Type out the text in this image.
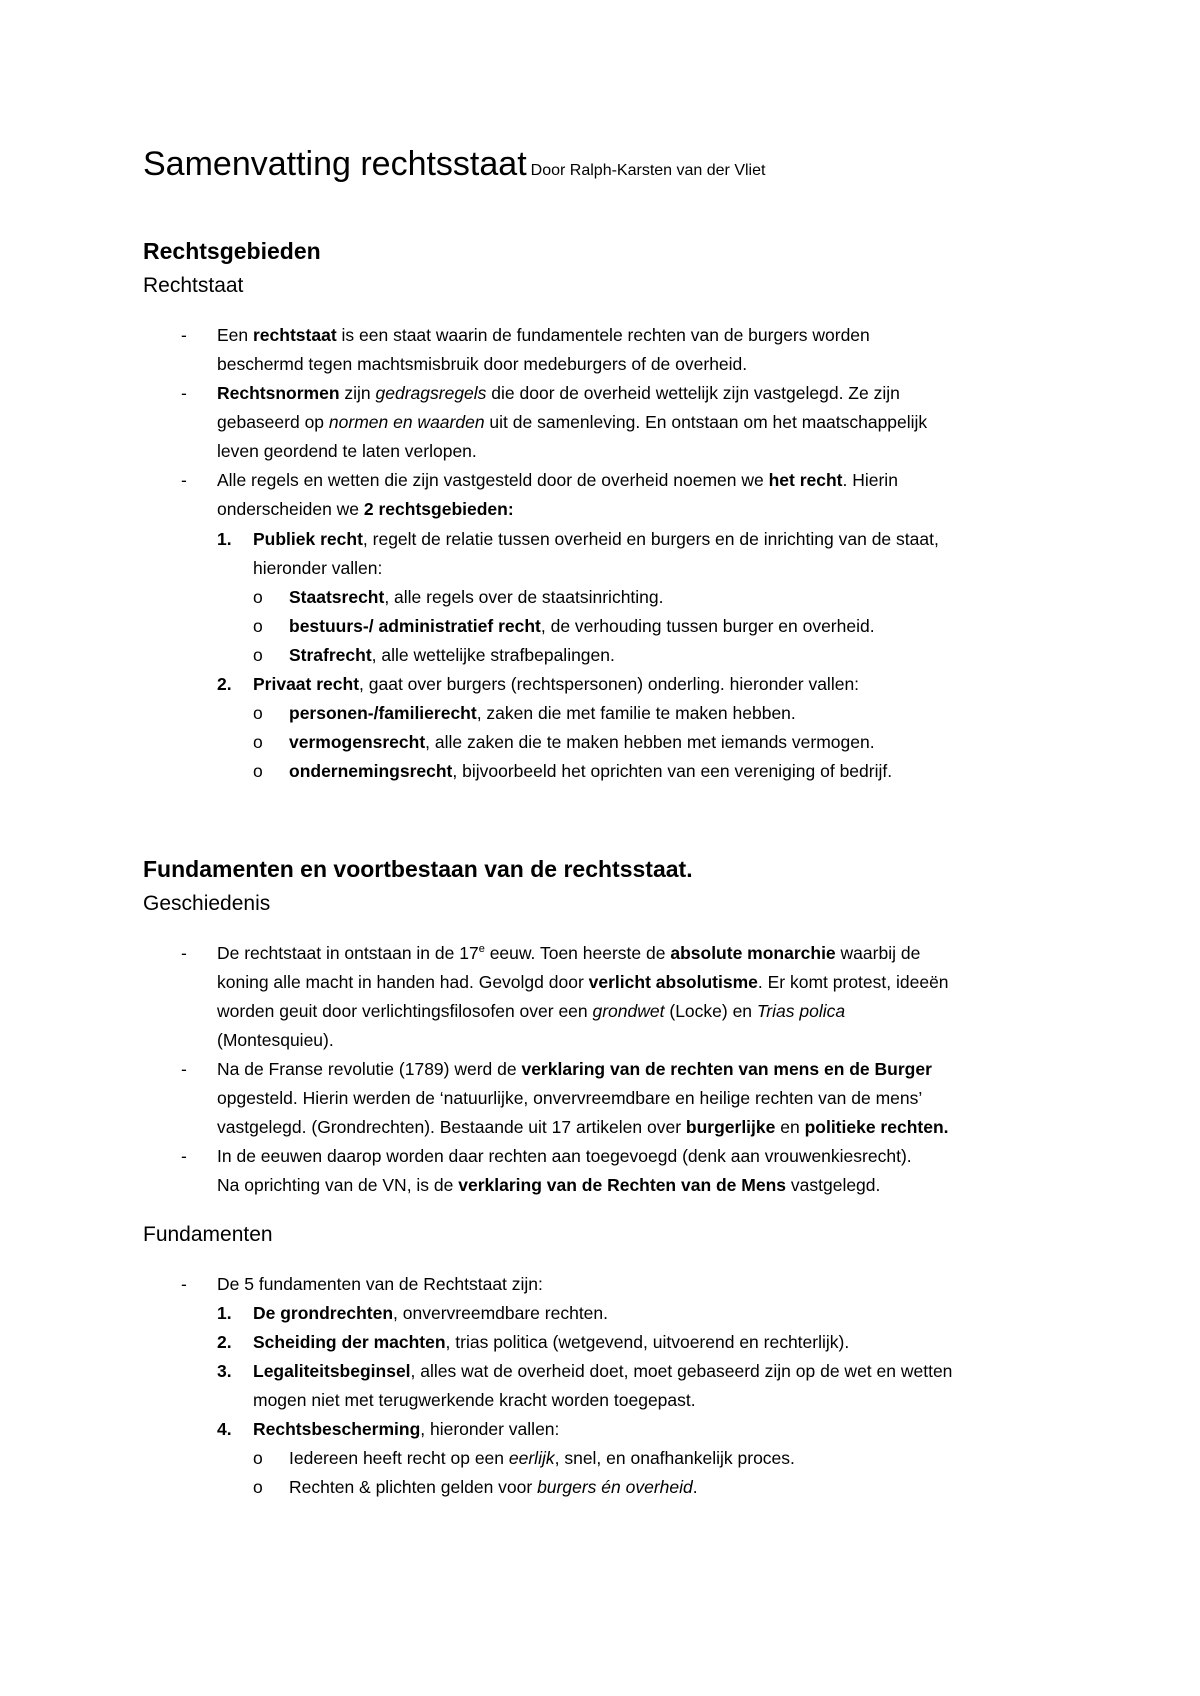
Samenvatting rechtsstaat Door Ralph-Karsten van der Vliet
Rechtsgebieden
Rechtstaat
- Een rechtstaat is een staat waarin de fundamentele rechten van de burgers worden
beschermd tegen machtsmisbruik door medeburgers of de overheid.
- Rechtsnormen zijn gedragsregels die door de overheid wettelijk zijn vastgelegd. Ze zijn
gebaseerd op normen en waarden uit de samenleving. En ontstaan om het maatschappelijk
leven geordend te laten verlopen.
- Alle regels en wetten die zijn vastgesteld door de overheid noemen we het recht. Hierin
onderscheiden we 2 rechtsgebieden:
1. Publiek recht, regelt de relatie tussen overheid en burgers en de inrichting van de staat,
hieronder vallen:
o Staatsrecht, alle regels over de staatsinrichting.
o bestuurs-/ administratief recht, de verhouding tussen burger en overheid.
o Strafrecht, alle wettelijke strafbepalingen.
2. Privaat recht, gaat over burgers (rechtspersonen) onderling. hieronder vallen:
o personen-/familierecht, zaken die met familie te maken hebben.
o vermogensrecht, alle zaken die te maken hebben met iemands vermogen.
o ondernemingsrecht, bijvoorbeeld het oprichten van een vereniging of bedrijf.
Fundamenten en voortbestaan van de rechtsstaat.
Geschiedenis
- De rechtstaat in ontstaan in de 17e eeuw. Toen heerste de absolute monarchie waarbij de
koning alle macht in handen had. Gevolgd door verlicht absolutisme. Er komt protest, ideeën
worden geuit door verlichtingsfilosofen over een grondwet (Locke) en Trias polica
(Montesquieu).
- Na de Franse revolutie (1789) werd de verklaring van de rechten van mens en de Burger
opgesteld. Hierin werden de ‘natuurlijke, onvervreemdbare en heilige rechten van de mens’
vastgelegd. (Grondrechten). Bestaande uit 17 artikelen over burgerlijke en politieke rechten.
- In de eeuwen daarop worden daar rechten aan toegevoegd (denk aan vrouwenkiesrecht).
Na oprichting van de VN, is de verklaring van de Rechten van de Mens vastgelegd.
Fundamenten
- De 5 fundamenten van de Rechtstaat zijn:
1. De grondrechten, onvervreemdbare rechten.
2. Scheiding der machten, trias politica (wetgevend, uitvoerend en rechterlijk).
3. Legaliteitsbeginsel, alles wat de overheid doet, moet gebaseerd zijn op de wet en wetten
mogen niet met terugwerkende kracht worden toegepast.
4. Rechtsbescherming, hieronder vallen:
o Iedereen heeft recht op een eerlijk, snel, en onafhankelijk proces.
o Rechten & plichten gelden voor burgers én overheid.
